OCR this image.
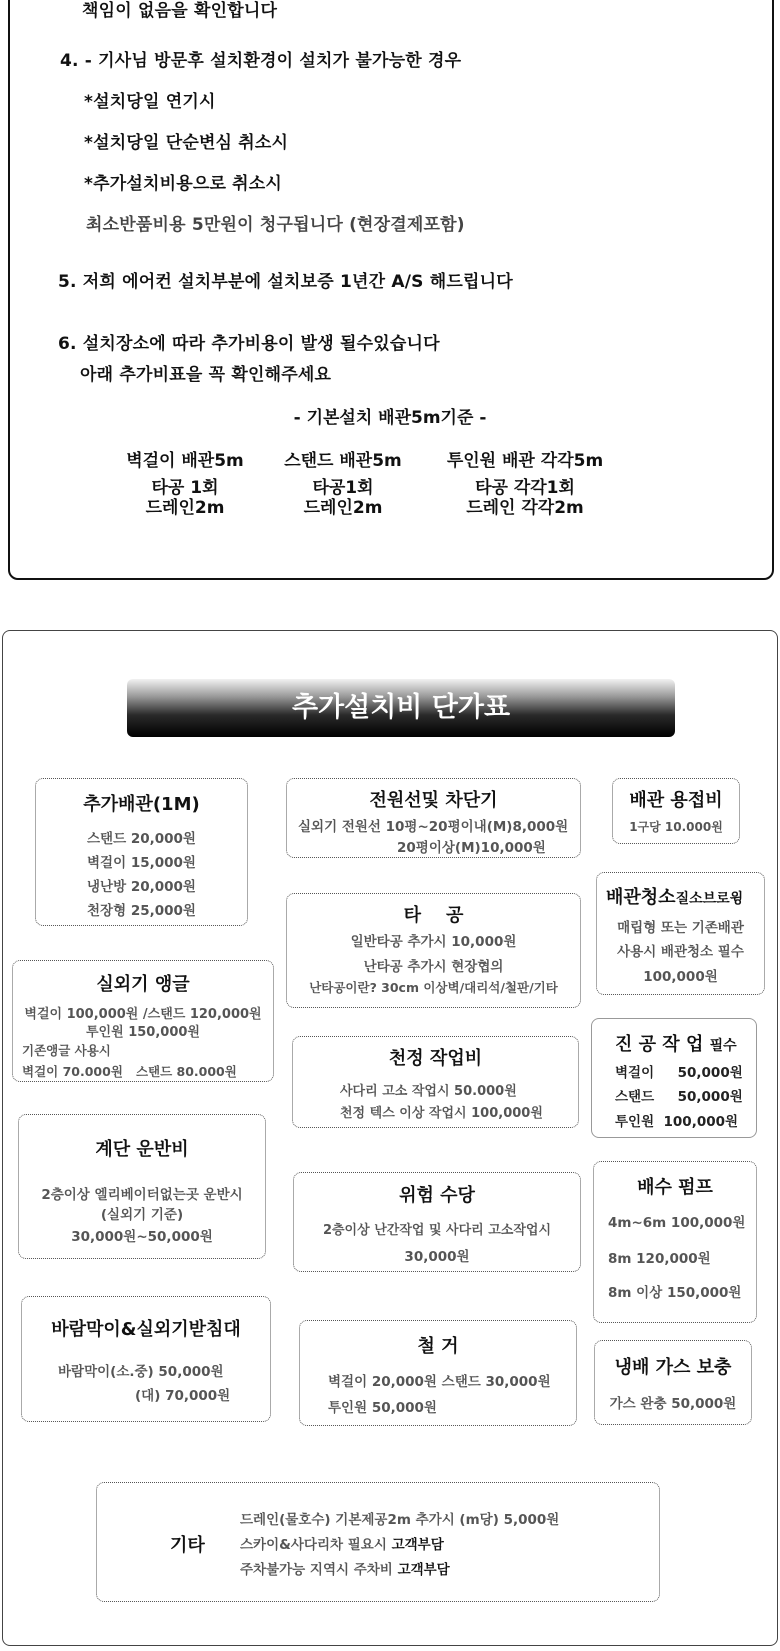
책임이 없음을 확인합니다
4. - 기사님 방문후 설치환경이 설치가 불가능한 경우
*설치당일 연기시
*설치당일 단순변심 취소시
*추가설치비용으로 취소시
최소반품비용 5만원이 청구됩니다 (현장결제포함)
5. 저희 에어컨 설치부분에 설치보증 1년간 A/S 해드립니다
6. 설치장소에 따라 추가비용이 발생 될수있습니다
아래 추가비표을 꼭 확인해주세요
- 기본설치 배관5m기준 -
벽걸이 배관5m
타공 1회
드레인2m
스탠드 배관5m
타공1회
드레인2m
투인원 배관 각각5m
타공 각각1회
드레인 각각2m
추가설치비 단가표
추가배관(1M)
스탠드 20,000원
벽걸이 15,000원
냉난방 20,000원
천장형 25,000원
전원선및 차단기
실외기 전원선 10평~20평이내(M)8,000원
20평이상(M)10,000원
배관 용접비
1구당 10.000원
배관청소질소브로윙
매립형 또는 기존배관
사용시 배관청소 필수
100,000원
타    공
일반타공 추가시 10,000원
난타공 추가시 현장협의
난타공이란? 30cm 이상벽/대리석/철판/기타
실외기 앵글
벽걸이 100,000원 /스탠드 120,000원
투인원 150,000원
기존앵글 사용시
벽걸이 70.000원   스탠드 80.000원
천정 작업비
사다리 고소 작업시 50.000원
천정 텍스 이상 작업시 100,000원
진 공 작 업 필수
벽걸이     50,000원
스탠드     50,000원
투인원  100,000원
계단 운반비
2층이상 엘리베이터없는곳 운반시
(실외기 기준)
30,000원~50,000원
위험 수당
2층이상 난간작업 및 사다리 고소작업시
30,000원
배수 펌프
4m~6m 100,000원
8m 120,000원
8m 이상 150,000원
바람막이&실외기받침대
바람막이(소.중) 50,000원
(대) 70,000원
철 거
벽걸이 20,000원 스탠드 30,000원
투인원 50,000원
냉배 가스 보충
가스 완충 50,000원
기타
드레인(물호수) 기본제공2m 추가시 (m당) 5,000원
스카이&사다리차 필요시 고객부담
주차불가능 지역시 주차비 고객부담
